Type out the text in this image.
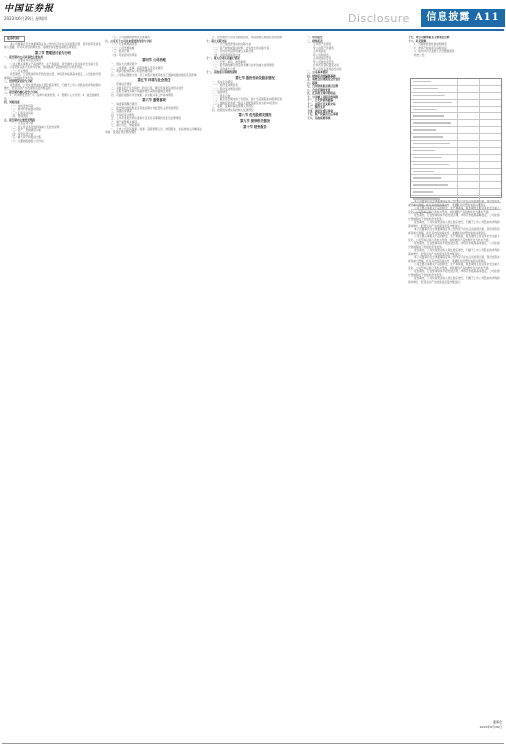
中国证券报
2023年6月29日 星期四	Disclosure	信息披露 A11
证券代码：

本公司董事会及全体董事保证本公告内容不存在任何虚假记载、误导性陈述或者重大遗漏，并对其内容的真实性、准确性和完整性承担法律责任。

第三节 管理层讨论与分析

一、报告期内公司从事的主要业务

（一）主要业务及经营模式

公司主要从事相关产品的研发、生产和销售，报告期内主营业务未发生重大变化。公司坚持以客户需求为导向，持续推进产品结构优化与技术升级。

（二）行业情况

报告期内，行业整体保持平稳发展态势，市场竞争格局基本稳定，公司在细分领域保持了较强的竞争优势。

二、经营情况讨论与分析

报告期内，公司实现营业收入同比稳定增长，归属于上市公司股东的净利润保持增长，经营活动产生的现金流量净额良好。

三、报告期内核心竞争力分析

1、技术研发优势；2、品牌与渠道优势；3、管理与人才优势；4、质量控制优势。

四、风险因素

（一）市场竞争风险

（二）原材料价格波动风险

（三）汇率变动风险

（四）管理风险

五、报告期内主要经营情况

（一）主营业务分析

（二）非主营业务导致利润重大变化的说明

（三）资产、负债情况分析

（四）投资状况分析

（五）重大资产和股权出售

（六）主要控股参股公司分析

（七）公司控制的结构化主体情况

六、公司关于公司未来发展的讨论与分析

（一）行业格局和趋势

（二）公司发展战略

（三）经营计划

（四）可能面对的风险

第四节 公司治理

一、股东大会情况简介

二、公司董事、监事、高级管理人员变动情况

三、利润分配或资本公积金转增预案

四、公司股权激励计划、员工持股计划或其他员工激励措施的情况及其影响

第五节 环境与社会责任

一、环境信息情况

二、其他有利于生态保护、防治污染、履行环境责任的相关信息

三、在报告期内为减少其碳排放所采取的措施及效果

四、巩固拓展脱贫攻坚成果、乡村振兴等工作具体情况

第六节 重要事项

一、承诺事项履行情况

二、报告期内控股股东及其他关联方非经营性占用资金情况

三、违规担保情况

四、半年报审计情况

五、上年年度报告非标准审计意见涉及事项的变化及处理情况

六、破产重整相关事项

七、重大诉讼、仲裁事项

八、上市公司及其董事、监事、高级管理人员、控股股东、实际控制人涉嫌违法违规、受到处罚及整改情况

九、报告期内公司及其控股股东、实际控制人诚信状况的说明

十、重大关联交易

（一）与日常经营相关的关联交易

（二）资产收购或股权收购、出售发生的关联交易

（三）共同对外投资的重大关联交易

（四）关联债权债务往来

十一、重大合同及其履行情况

（一）托管、承包、租赁事项

（二）报告期内履行的及尚未履行完毕的重大担保情况

（三）其他重大合同

十二、其他重大事项的说明

第七节 股份变动及股东情况

一、股本变动情况

（一）股份变动情况表

（二）股份变动情况说明

二、股东情况

（一）股东总数

（二）截至报告期末前十名股东、前十名流通股东持股情况表

（三）战略投资者或一般法人因配售新股成为前10名股东

三、董事、监事和高级管理人员情况

四、控股股东或实际控制人变更情况

第八节 优先股相关情况

第九节 债券相关情况

第十节 财务报告

一、审计报告

二、财务报表

合并资产负债表

母公司资产负债表

合并利润表

母公司利润表

合并现金流量表

母公司现金流量表

合并所有者权益变动表

母公司所有者权益变动表

三、公司基本情况

四、财务报表的编制基础

五、重要会计政策及会计估计

六、税项

七、合并财务报表项目注释

八、合并范围的变更

九、在其他主体中的权益

十、与金融工具相关的风险

十一、公允价值的披露

十二、关联方及关联交易

十三、股份支付

十四、承诺及或有事项

十五、资产负债表日后事项

十六、其他重要事项

十七、母公司财务报表主要项目注释

十八、补充资料

1、当期非经常性损益明细表

2、净资产收益率及每股收益

3、境内外会计准则下会计数据差异

特此公告。

本公司董事会及全体董事保证本公告内容不存在任何虚假记载、误导性陈述或者重大遗漏，并对其内容的真实性、准确性和完整性承担法律责任。

公司主要从事相关产品的研发、生产和销售，报告期内主营业务未发生重大变化。公司坚持以客户需求为导向，持续推进产品结构优化与技术升级。

报告期内，行业整体保持平稳发展态势，市场竞争格局基本稳定，公司在细分领域保持了较强的竞争优势。

报告期内，公司实现营业收入同比稳定增长，归属于上市公司股东的净利润保持增长，经营活动产生的现金流量净额良好。

本公司董事会及全体董事保证本公告内容不存在任何虚假记载、误导性陈述或者重大遗漏，并对其内容的真实性、准确性和完整性承担法律责任。

公司主要从事相关产品的研发、生产和销售，报告期内主营业务未发生重大变化。公司坚持以客户需求为导向，持续推进产品结构优化与技术升级。

报告期内，行业整体保持平稳发展态势，市场竞争格局基本稳定，公司在细分领域保持了较强的竞争优势。

报告期内，公司实现营业收入同比稳定增长，归属于上市公司股东的净利润保持增长，经营活动产生的现金流量净额良好。

本公司董事会及全体董事保证本公告内容不存在任何虚假记载、误导性陈述或者重大遗漏，并对其内容的真实性、准确性和完整性承担法律责任。

公司主要从事相关产品的研发、生产和销售，报告期内主营业务未发生重大变化。公司坚持以客户需求为导向，持续推进产品结构优化与技术升级。

报告期内，行业整体保持平稳发展态势，市场竞争格局基本稳定，公司在细分领域保持了较强的竞争优势。

报告期内，公司实现营业收入同比稳定增长，归属于上市公司股东的净利润保持增长，经营活动产生的现金流量净额良好。

董事会
2023年6月29日
